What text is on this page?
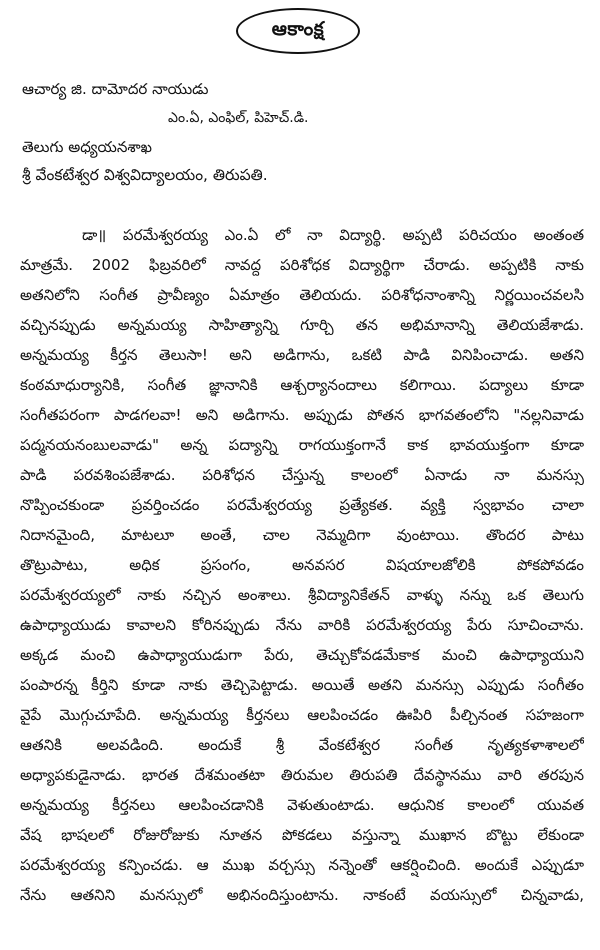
ఆకాంక్ష
ఆచార్య జి. దామోదర నాయుడు
ఎం.ఏ, ఎంఫిల్, పిహెచ్.డి.
తెలుగు అధ్యయనశాఖ
శ్రీ వేంకటేశ్వర విశ్వవిద్యాలయం, తిరుపతి.
డా॥ పరమేశ్వరయ్య ఎం.ఏ లో నా విద్యార్థి. అప్పటి పరిచయం అంతంత
మాత్రమే. 2002 ఫిబ్రవరిలో నావద్ద పరిశోధక విద్యార్థిగా చేరాడు. అప్పటికి నాకు
అతనిలోని సంగీత ప్రావీణ్యం ఏమాత్రం తెలియదు. పరిశోధనాంశాన్ని నిర్ణయించవలసి
వచ్చినప్పుడు అన్నమయ్య సాహిత్యాన్ని గూర్చి తన అభిమానాన్ని తెలియజేశాడు.
అన్నమయ్య కీర్తన తెలుసా! అని అడిగాను, ఒకటి పాడి వినిపించాడు. అతని
కంఠమాధుర్యానికి, సంగీత జ్ఞానానికి ఆశ్చర్యానందాలు కలిగాయి. పద్యాలు కూడా
సంగీతపరంగా పాడగలవా! అని అడిగాను. అప్పుడు పోతన భాగవతంలోని "నల్లనివాడు
పద్మనయనంబులవాడు" అన్న పద్యాన్ని రాగయుక్తంగానే కాక భావయుక్తంగా కూడా
పాడి పరవశింపజేశాడు. పరిశోధన చేస్తున్న కాలంలో ఏనాడు నా మనస్సు
నొప్పించకుండా ప్రవర్తించడం పరమేశ్వరయ్య ప్రత్యేకత. వ్యక్తి స్వభావం చాలా
నిదానమైంది, మాటలూ అంతే, చాల నెమ్మదిగా వుంటాయి. తొందర పాటు
తొట్రుపాటు, అధిక ప్రసంగం, అనవసర విషయాలజోలికి పోకపోవడం
పరమేశ్వరయ్యలో నాకు నచ్చిన అంశాలు. శ్రీవిద్యానికేతన్ వాళ్ళు నన్ను ఒక తెలుగు
ఉపాధ్యాయుడు కావాలని కోరినప్పుడు నేను వారికి పరమేశ్వరయ్య పేరు సూచించాను.
అక్కడ మంచి ఉపాధ్యాయుడుగా పేరు, తెచ్చుకోవడమేకాక మంచి ఉపాధ్యాయుని
పంపారన్న కీర్తిని కూడా నాకు తెచ్చిపెట్టాడు. అయితే అతని మనస్సు ఎప్పుడు సంగీతం
వైపే మొగ్గుచూపేది. అన్నమయ్య కీర్తనలు ఆలపించడం ఊపిరి పీల్చినంత సహజంగా
ఆతనికి అలవడింది. అందుకే శ్రీ వేంకటేశ్వర సంగీత నృత్యకళాశాలలో
అధ్యాపకుడైనాడు. భారత దేశమంతటా తిరుమల తిరుపతి దేవస్థానము వారి తరపున
అన్నమయ్య కీర్తనలు ఆలపించడానికి వెళుతుంటాడు. ఆధునిక కాలంలో యువత
వేష భాషలలో రోజురోజుకు నూతన పోకడలు వస్తున్నా ముఖాన బొట్టు లేకుండా
పరమేశ్వరయ్య కన్పించడు. ఆ ముఖ వర్చస్సు నన్నెంతో ఆకర్షించింది. అందుకే ఎప్పుడూ
నేను ఆతనిని మనస్సులో అభినందిస్తుంటాను. నాకంటే వయస్సులో చిన్నవాడు,
